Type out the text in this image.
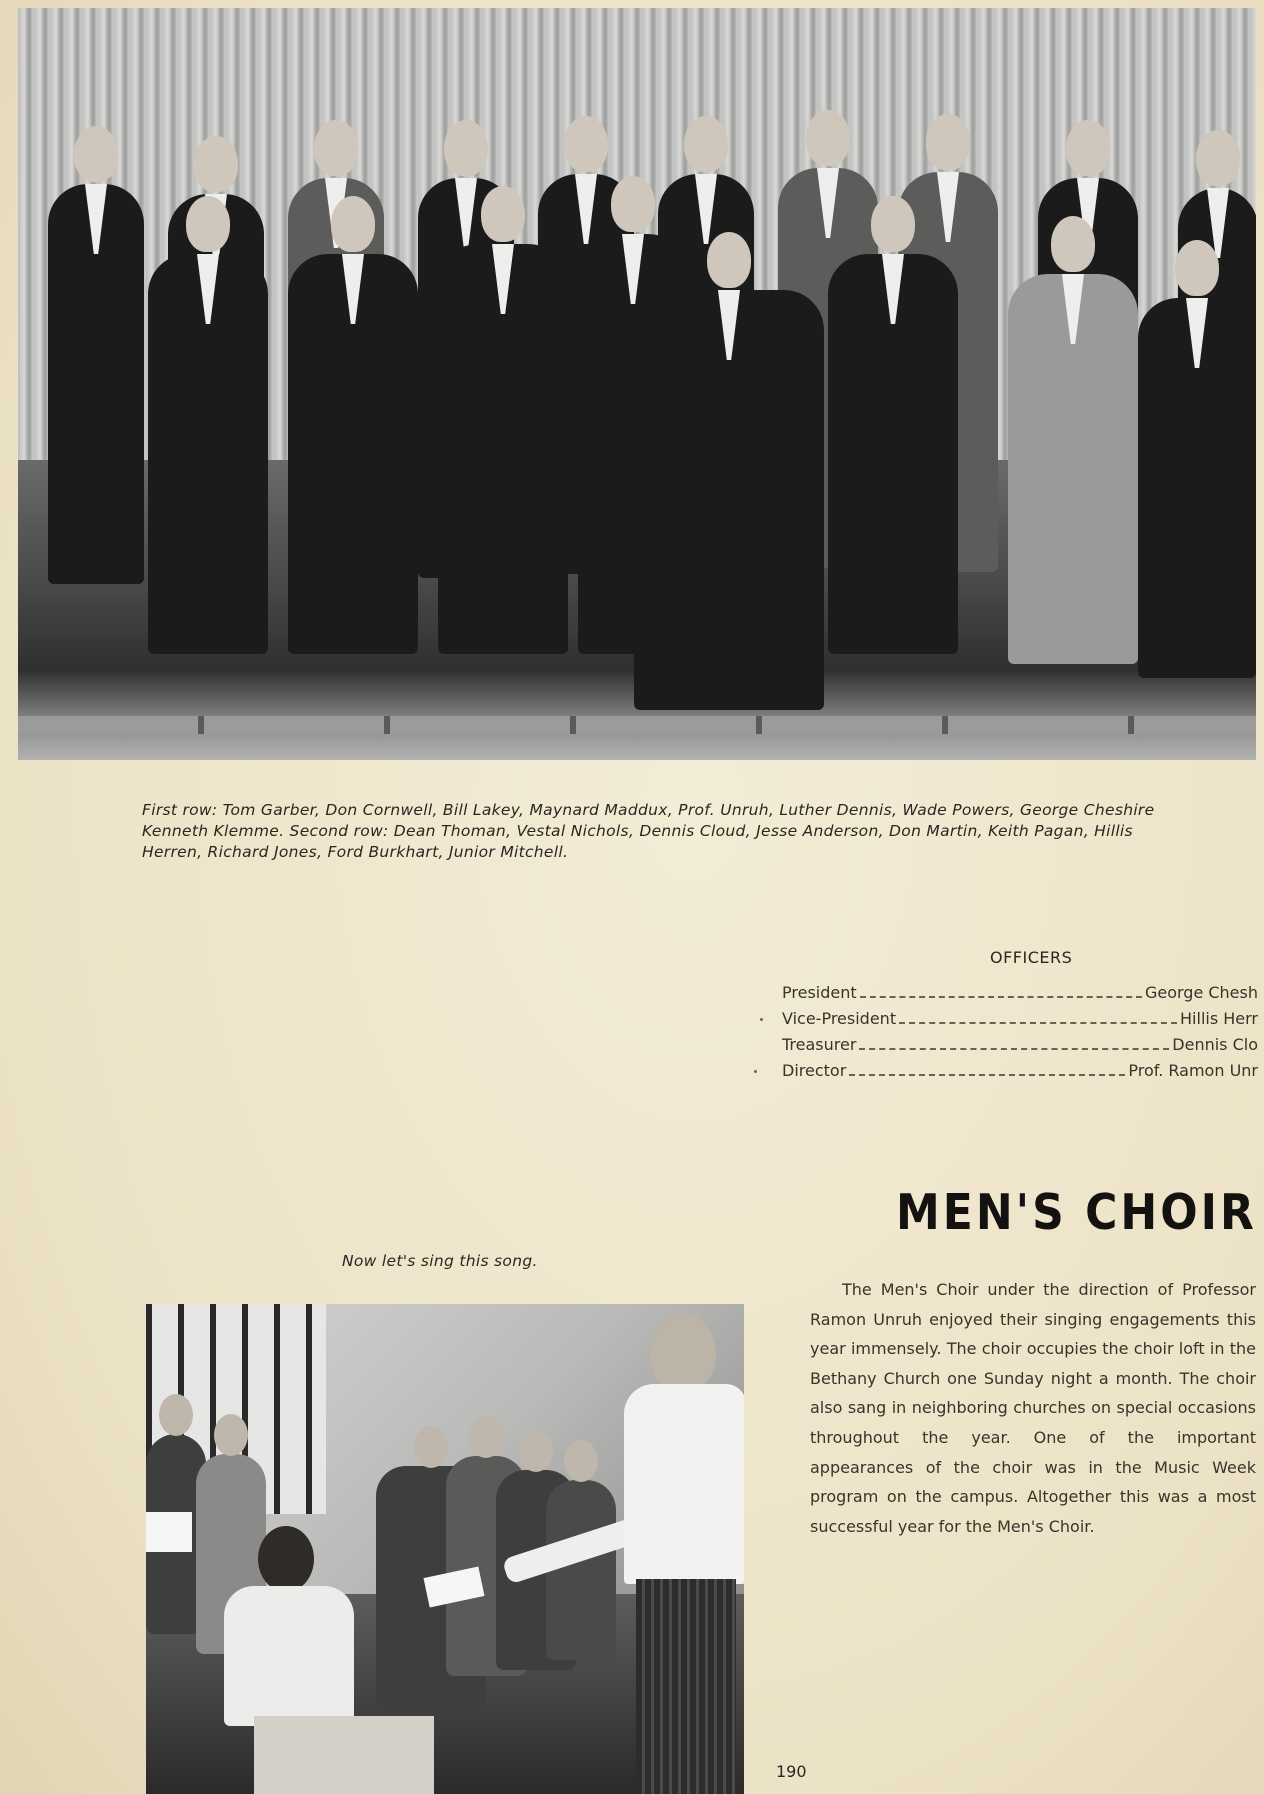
First row: Tom Garber, Don Cornwell, Bill Lakey, Maynard Maddux, Prof. Unruh, Luther Dennis, Wade Powers, George Cheshire
Kenneth Klemme. Second row: Dean Thoman, Vestal Nichols, Dennis Cloud, Jesse Anderson, Don Martin, Keith Pagan, Hillis
Herren, Richard Jones, Ford Burkhart, Junior Mitchell.
OFFICERS
President	George Chesh
Vice-President	Hillis Herr
Treasurer	Dennis Clo
Director	Prof. Ramon Unr
MEN'S CHOIR
The Men's Choir under the direction of Professor Ramon Unruh enjoyed their singing engagements this year immensely. The choir occupies the choir loft in the Bethany Church one Sunday night a month. The choir also sang in neighboring churches on special occasions throughout the year. One of the important appearances of the choir was in the Music Week program on the campus. Altogether this was a most successful year for the Men's Choir.
Now let's sing this song.
190
